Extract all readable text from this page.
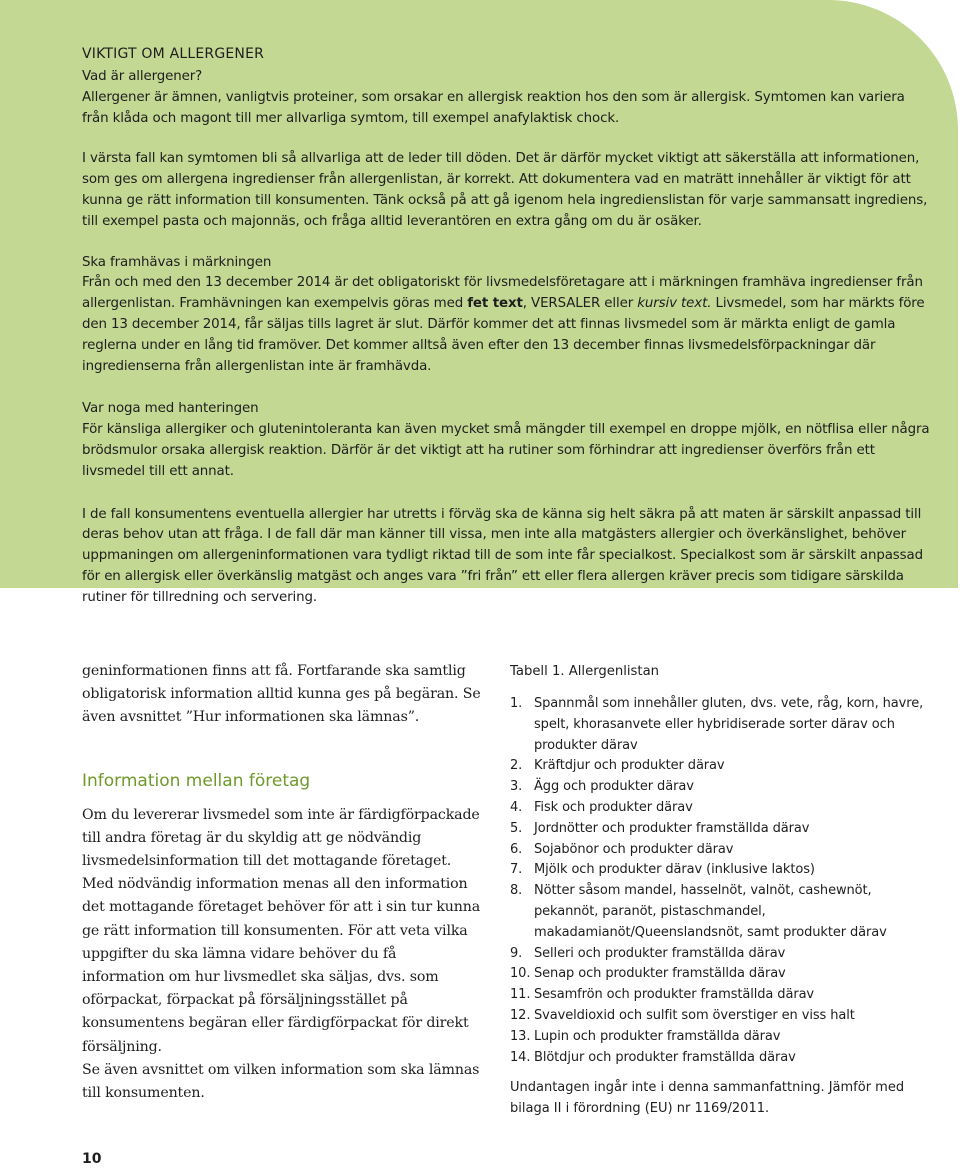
VIKTIGT OM ALLERGENER

Vad är allergener?

Allergener är ämnen, vanligtvis proteiner, som orsakar en allergisk reaktion hos den som är allergisk. Symtomen kan variera från klåda och magont till mer allvarliga symtom, till exempel anafylaktisk chock.

I värsta fall kan symtomen bli så allvarliga att de leder till döden. Det är därför mycket viktigt att säkerställa att informationen, som ges om allergena ingredienser från allergenlistan, är korrekt. Att dokumentera vad en maträtt innehåller är viktigt för att kunna ge rätt information till konsumenten. Tänk också på att gå igenom hela ingredienslistan för varje sammansatt ingrediens, till exempel pasta och majonnäs, och fråga alltid leverantören en extra gång om du är osäker.

Ska framhävas i märkningen

Från och med den 13 december 2014 är det obligatoriskt för livsmedelsföretagare att i märkningen framhäva ingredienser från allergenlistan. Framhävningen kan exempelvis göras med fet text, VERSALER eller kursiv text. Livsmedel, som har märkts före den 13 december 2014, får säljas tills lagret är slut. Därför kommer det att finnas livsmedel som är märkta enligt de gamla reglerna under en lång tid framöver. Det kommer alltså även efter den 13 december finnas livsmedelsförpackningar där ingredienserna från allergenlistan inte är framhävda.

Var noga med hanteringen

För känsliga allergiker och glutenintoleranta kan även mycket små mängder till exempel en droppe mjölk, en nötflisa eller några brödsmulor orsaka allergisk reaktion. Därför är det viktigt att ha rutiner som förhindrar att ingredienser överförs från ett livsmedel till ett annat.

I de fall konsumentens eventuella allergier har utretts i förväg ska de känna sig helt säkra på att maten är särskilt anpassad till deras behov utan att fråga. I de fall där man känner till vissa, men inte alla matgästers allergier och överkänslighet, behöver uppmaningen om allergeninformationen vara tydligt riktad till de som inte får specialkost. Specialkost som är särskilt anpassad för en allergisk eller överkänslig matgäst och anges vara ”fri från” ett eller flera allergen kräver precis som tidigare särskilda rutiner för tillredning och servering.

geninformationen finns att få. Fortfarande ska samtlig obligatorisk information alltid kunna ges på begäran. Se även avsnittet ”Hur informationen ska lämnas”.

Information mellan företag

Om du levererar livsmedel som inte är färdigförpackade till andra företag är du skyldig att ge nödvändig livsmedelsinformation till det mottagande företaget. Med nödvändig information menas all den information det mottagande företaget behöver för att i sin tur kunna ge rätt information till konsumenten. För att veta vilka uppgifter du ska lämna vidare behöver du få information om hur livsmedlet ska säljas, dvs. som oförpackat, förpackat på försäljningsstället på konsumentens begäran eller färdigförpackat för direkt försäljning.

Se även avsnittet om vilken information som ska lämnas till konsumenten.

Tabell 1. Allergenlistan
1. Spannmål som innehåller gluten, dvs. vete, råg, korn, havre, spelt, khorasanvete eller hybridiserade sorter därav och produkter därav
2. Kräftdjur och produkter därav
3. Ägg och produkter därav
4. Fisk och produkter därav
5. Jordnötter och produkter framställda därav
6. Sojabönor och produkter därav
7. Mjölk och produkter därav (inklusive laktos)
8. Nötter såsom mandel, hasselnöt, valnöt, cashewnöt, pekannöt, paranöt, pistaschmandel, makadamianöt/Queenslandsnöt, samt produkter därav
9. Selleri och produkter framställda därav
10. Senap och produkter framställda därav
11. Sesamfrön och produkter framställda därav
12. Svaveldioxid och sulfit som överstiger en viss halt
13. Lupin och produkter framställda därav
14. Blötdjur och produkter framställda därav

Undantagen ingår inte i denna sammanfattning. Jämför med bilaga II i förordning (EU) nr 1169/2011.

10
